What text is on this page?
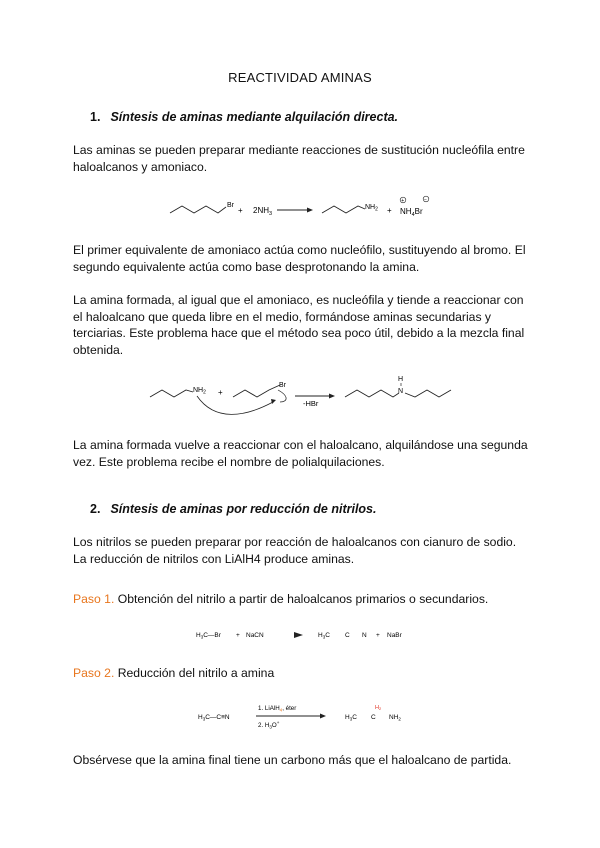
REACTIVIDAD AMINAS
1. Síntesis de aminas mediante alquilación directa.
Las aminas se pueden preparar mediante reacciones de sustitución nucleófila entre
haloalcanos y amoniaco.
Br
+ $2NH_3$
$NH_2$ +
+	−
$NH_4Br$
El primer equivalente de amoniaco actúa como nucleófilo, sustituyendo al bromo. El
segundo equivalente actúa como base desprotonando la amina.
La amina formada, al igual que el amoniaco, es nucleófila y tiende a reaccionar con
el haloalcano que queda libre en el medio, formándose aminas secundarias y
terciarias. Este problema hace que el método sea poco útil, debido a la mezcla final
obtenida.
$NH_2$ +
Br
-HBr
H
N
La amina formada vuelve a reaccionar con el haloalcano, alquilándose una segunda
vez. Este problema recibe el nombre de polialquilaciones.
2. Síntesis de aminas por reducción de nitrilos.
Los nitrilos se pueden preparar por reacción de haloalcanos con cianuro de sodio.
La reducción de nitrilos con LiAlH4 produce aminas.
Paso 1. Obtención del nitrilo a partir de haloalcanos primarios o secundarios.
$H_3C—Br$ + NaCN	$H_3C$ C N + NaBr
Paso 2. Reducción del nitrilo a amina
$H_3C—C\equiv N$
1. LiAlH$_4$, éter
2. $H_3O^+$
$H_3C$
$H_2$
C $NH_2$
Obsérvese que la amina final tiene un carbono más que el haloalcano de partida.
